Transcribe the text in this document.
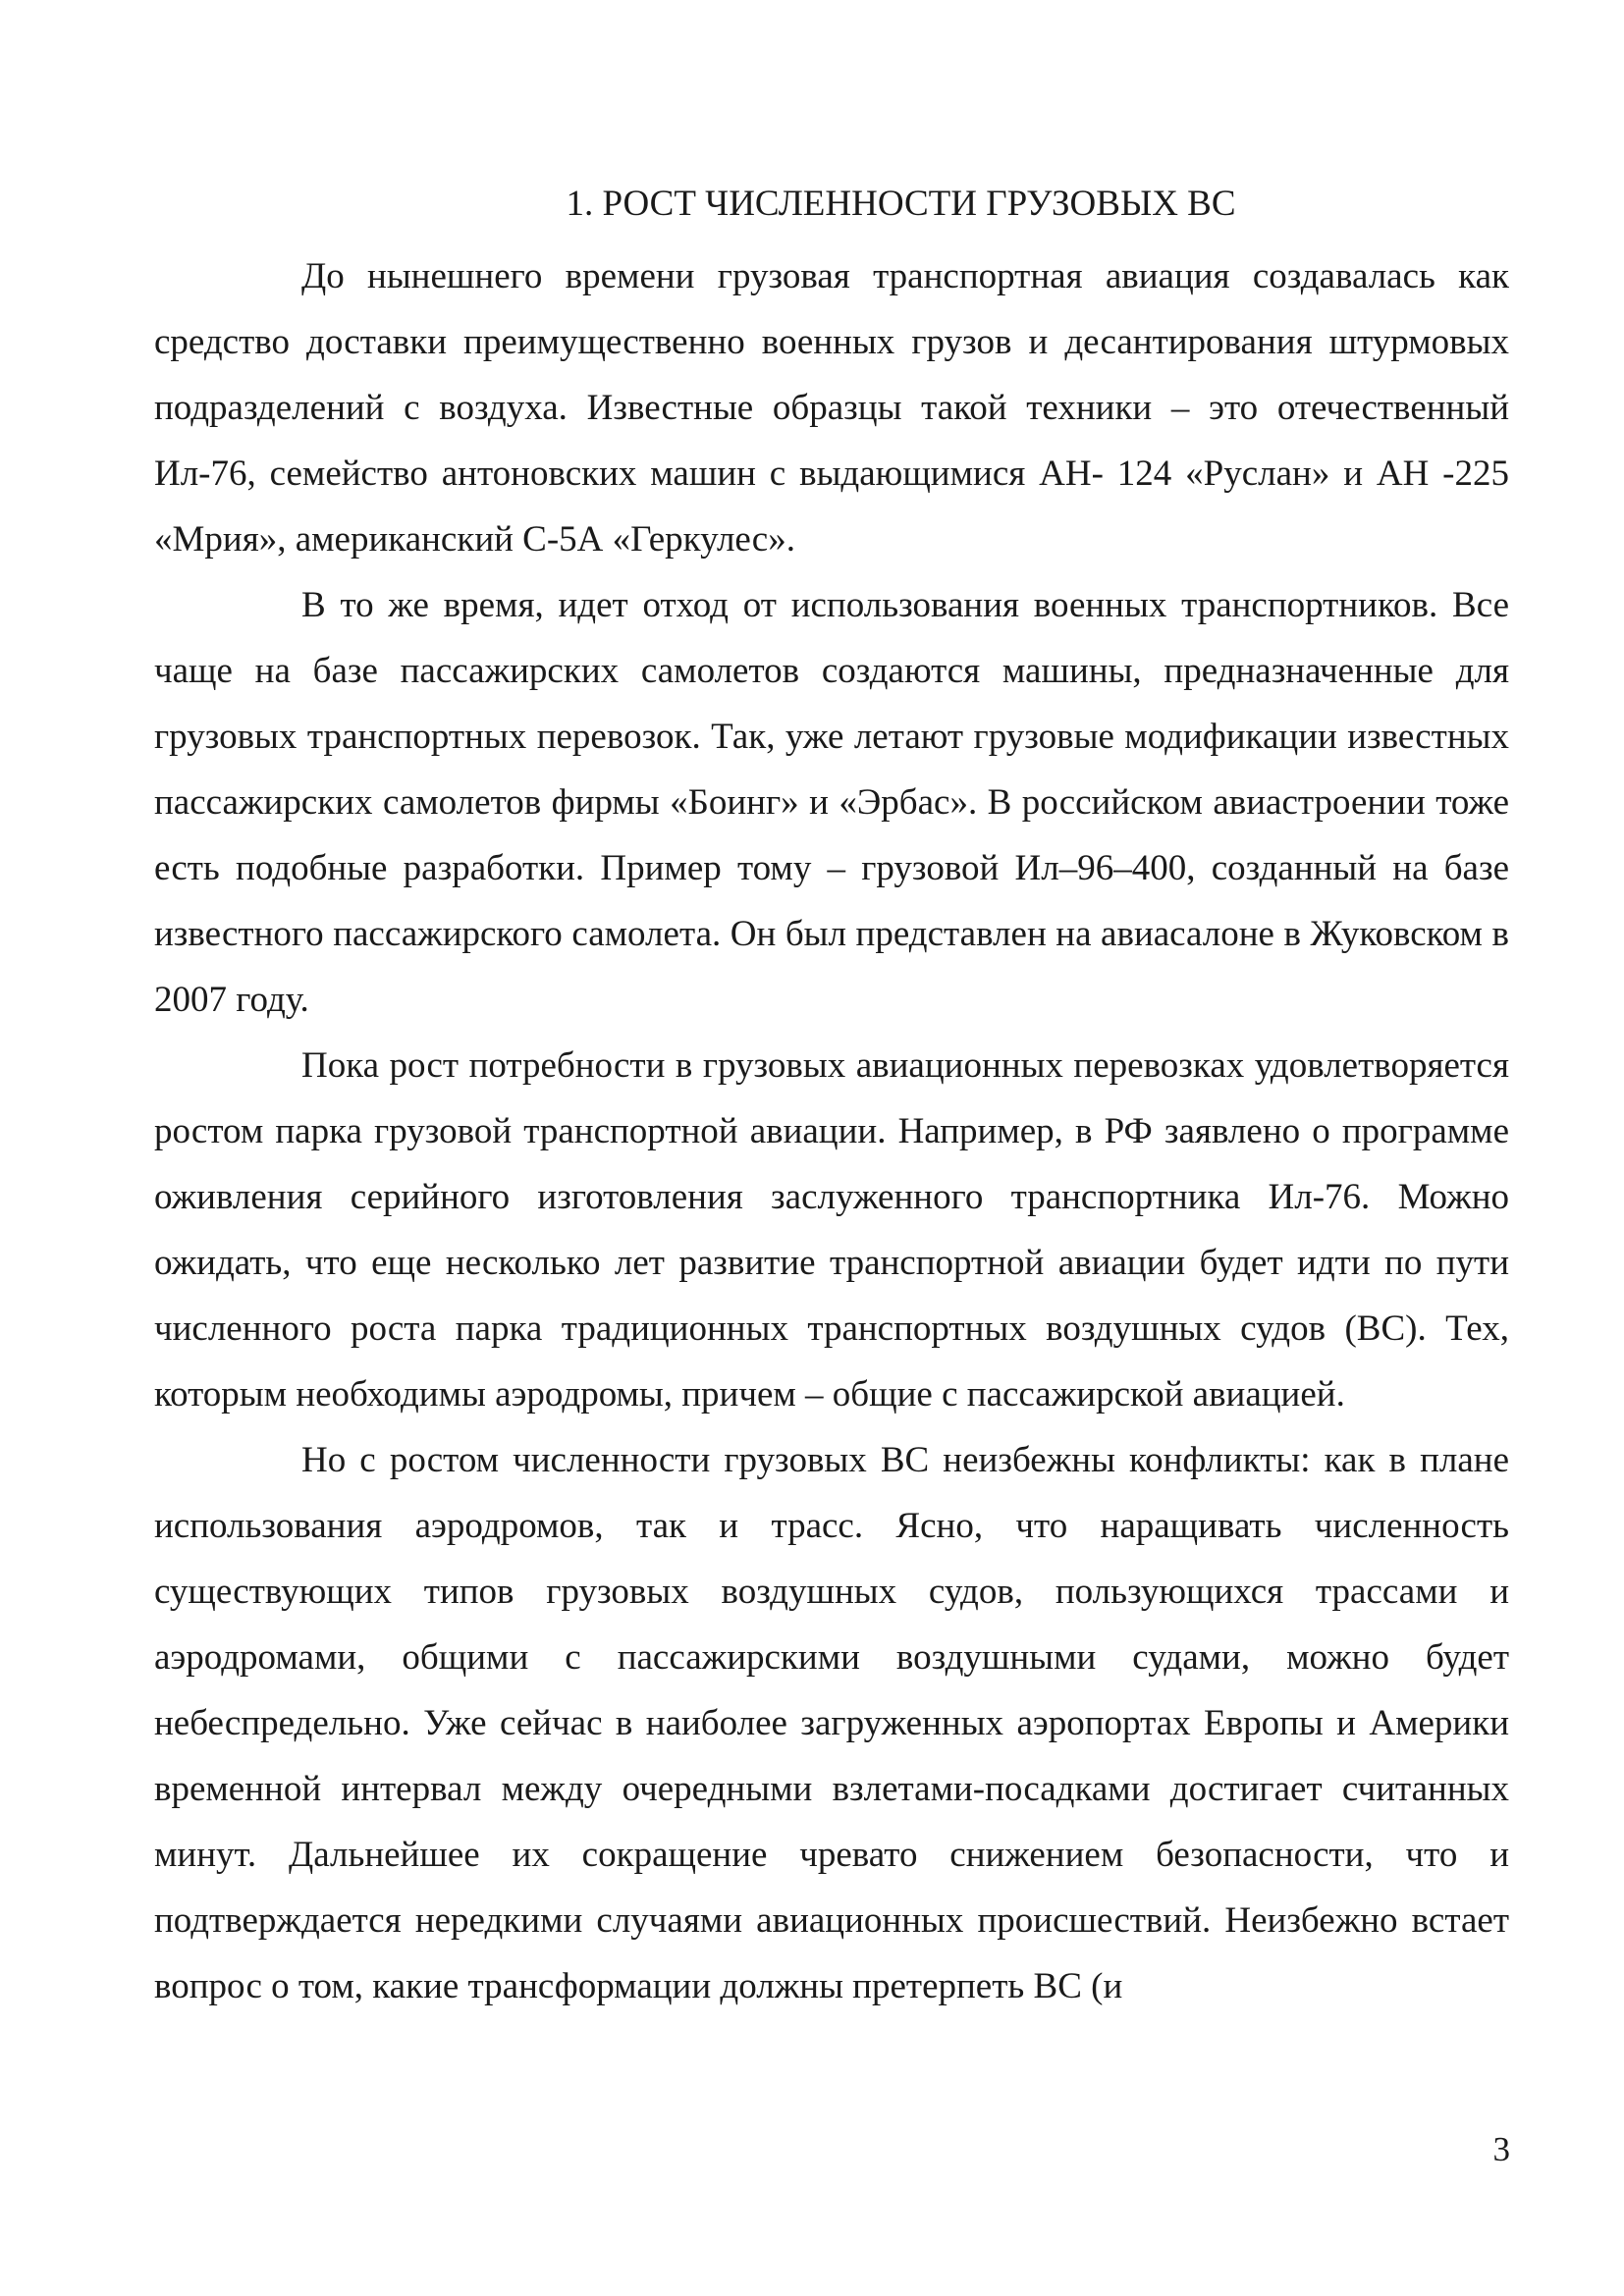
1. РОСТ ЧИСЛЕННОСТИ ГРУЗОВЫХ ВС

До нынешнего времени грузовая транспортная авиация создавалась как средство доставки преимущественно военных грузов и десантирования штурмовых подразделений с воздуха. Известные образцы такой техники – это отечественный Ил-76, семейство антоновских машин с выдающимися АН- 124 «Руслан» и АН -225 «Мрия», американский С-5А «Геркулес».

В то же время, идет отход от использования военных транспортников. Все чаще на базе пассажирских самолетов создаются машины, предназначенные для грузовых транспортных перевозок. Так, уже летают грузовые модификации известных пассажирских самолетов фирмы «Боинг» и «Эрбас». В российском авиастроении тоже есть подобные разработки. Пример тому – грузовой Ил–96–400, созданный на базе известного пассажирского самолета. Он был представлен на авиасалоне в Жуковском в 2007 году.

Пока рост потребности в грузовых авиационных перевозках удовлетворяется ростом парка грузовой транспортной авиации. Например, в РФ заявлено о программе оживления серийного изготовления заслуженного транспортника Ил-76. Можно ожидать, что еще несколько лет развитие транспортной авиации будет идти по пути численного роста парка традиционных транспортных воздушных судов (ВС). Тех, которым необходимы аэродромы, причем – общие с пассажирской авиацией.

Но с ростом численности грузовых ВС неизбежны конфликты: как в плане использования аэродромов, так и трасс. Ясно, что наращивать численность существующих типов грузовых воздушных судов, пользующихся трассами и аэродромами, общими с пассажирскими воздушными судами, можно будет небеспредельно. Уже сейчас в наиболее загруженных аэропортах Европы и Америки временной интервал между очередными взлетами-посадками достигает считанных минут. Дальнейшее их сокращение чревато снижением безопасности, что и подтверждается нередкими случаями авиационных происшествий. Неизбежно встает вопрос о том, какие трансформации должны претерпеть ВС (и

3
